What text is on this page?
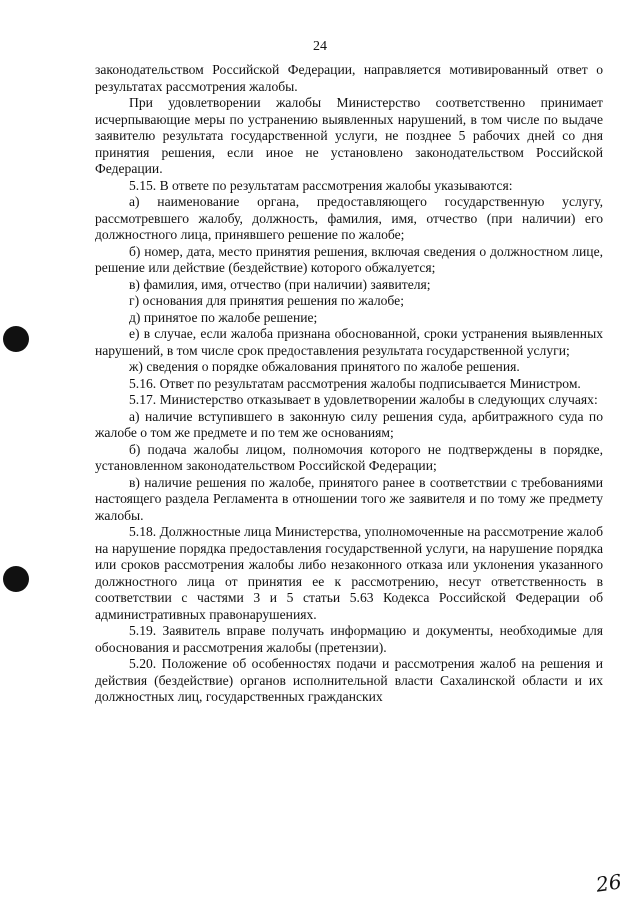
24

законодательством Российской Федерации, направляется мотивированный ответ о результатах рассмотрения жалобы.

При удовлетворении жалобы Министерство соответственно принимает исчерпывающие меры по устранению выявленных нарушений, в том числе по выдаче заявителю результата государственной услуги, не позднее 5 рабочих дней со дня принятия решения, если иное не установлено законодательством Российской Федерации.

5.15. В ответе по результатам рассмотрения жалобы указываются:

а) наименование органа, предоставляющего государственную услугу, рассмотревшего жалобу, должность, фамилия, имя, отчество (при наличии) его должностного лица, принявшего решение по жалобе;

б) номер, дата, место принятия решения, включая сведения о должностном лице, решение или действие (бездействие) которого обжалуется;

в) фамилия, имя, отчество (при наличии) заявителя;

г) основания для принятия решения по жалобе;

д) принятое по жалобе решение;

е) в случае, если жалоба признана обоснованной, сроки устранения выявленных нарушений, в том числе срок предоставления результата государственной услуги;

ж) сведения о порядке обжалования принятого по жалобе решения.

5.16. Ответ по результатам рассмотрения жалобы подписывается Министром.

5.17. Министерство отказывает в удовлетворении жалобы в следующих случаях:

а) наличие вступившего в законную силу решения суда, арбитражного суда по жалобе о том же предмете и по тем же основаниям;

б) подача жалобы лицом, полномочия которого не подтверждены в порядке, установленном законодательством Российской Федерации;

в) наличие решения по жалобе, принятого ранее в соответствии с требованиями настоящего раздела Регламента в отношении того же заявителя и по тому же предмету жалобы.

5.18. Должностные лица Министерства, уполномоченные на рассмотрение жалоб на нарушение порядка предоставления государственной услуги, на нарушение порядка или сроков рассмотрения жалобы либо незаконного отказа или уклонения указанного должностного лица от принятия ее к рассмотрению, несут ответственность в соответствии с частями 3 и 5 статьи 5.63 Кодекса Российской Федерации об административных правонарушениях.

5.19. Заявитель вправе получать информацию и документы, необходимые для обоснования и рассмотрения жалобы (претензии).

5.20. Положение об особенностях подачи и рассмотрения жалоб на решения и действия (бездействие) органов исполнительной власти Сахалинской области и их должностных лиц, государственных гражданских

26
